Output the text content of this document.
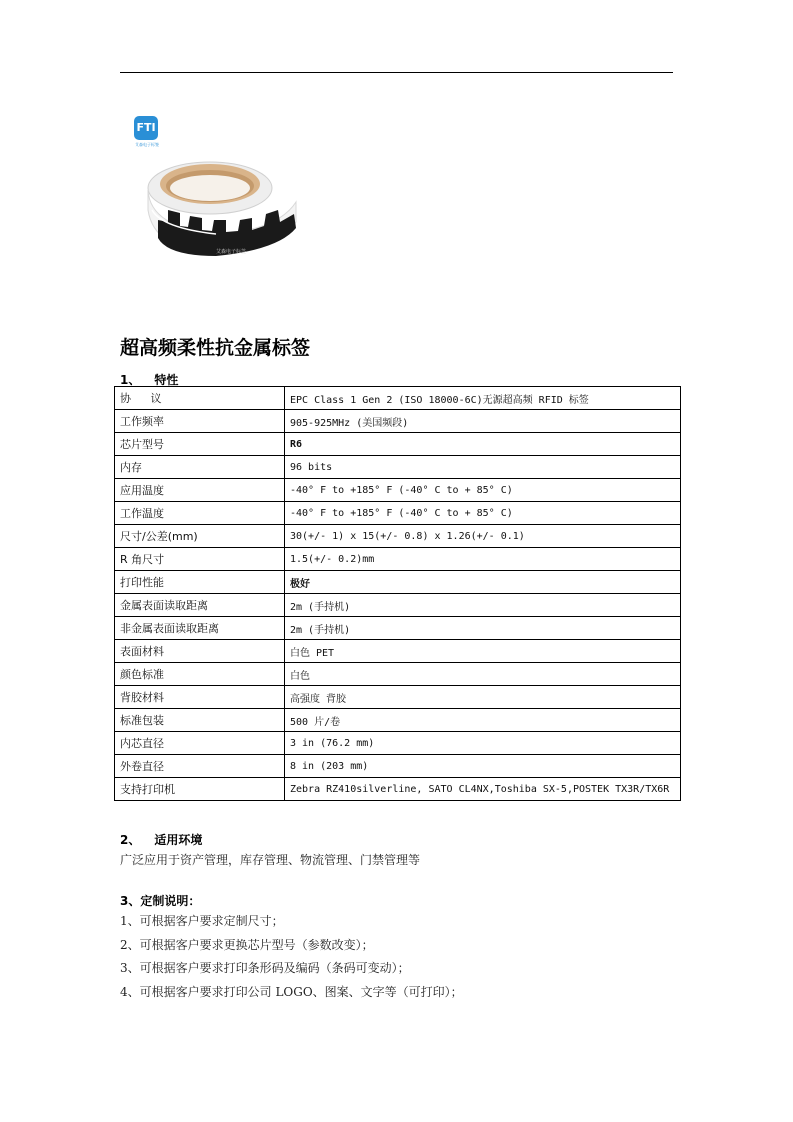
FTI
艾森电子标签
艾森电子标签
超高频柔性抗金属标签
1、 特性
协 议	EPC Class 1 Gen 2 (ISO 18000-6C)无源超高频 RFID 标签
工作频率	905-925MHz (美国频段)
芯片型号	R6
内存	96 bits
应用温度	-40° F to +185° F (-40° C to + 85° C)
工作温度	-40° F to +185° F (-40° C to + 85° C)
尺寸/公差(mm)	30(+/- 1) x 15(+/- 0.8) x 1.26(+/- 0.1)
R 角尺寸	1.5(+/- 0.2)mm
打印性能	极好
金属表面读取距离	2m (手持机)
非金属表面读取距离	2m (手持机)
表面材料	白色 PET
颜色标准	白色
背胶材料	高强度 背胶
标准包装	500 片/卷
内芯直径	3 in (76.2 mm)
外卷直径	8 in (203 mm)
支持打印机	Zebra RZ410silverline, SATO CL4NX,Toshiba SX-5,POSTEK TX3R/TX6R
2、 适用环境

广泛应用于资产管理，库存管理、物流管理、门禁管理等

3、定制说明：
1、可根据客户要求定制尺寸；
2、可根据客户要求更换芯片型号（参数改变）；
3、可根据客户要求打印条形码及编码（条码可变动）；
4、可根据客户要求打印公司 LOGO、图案、文字等（可打印）；
